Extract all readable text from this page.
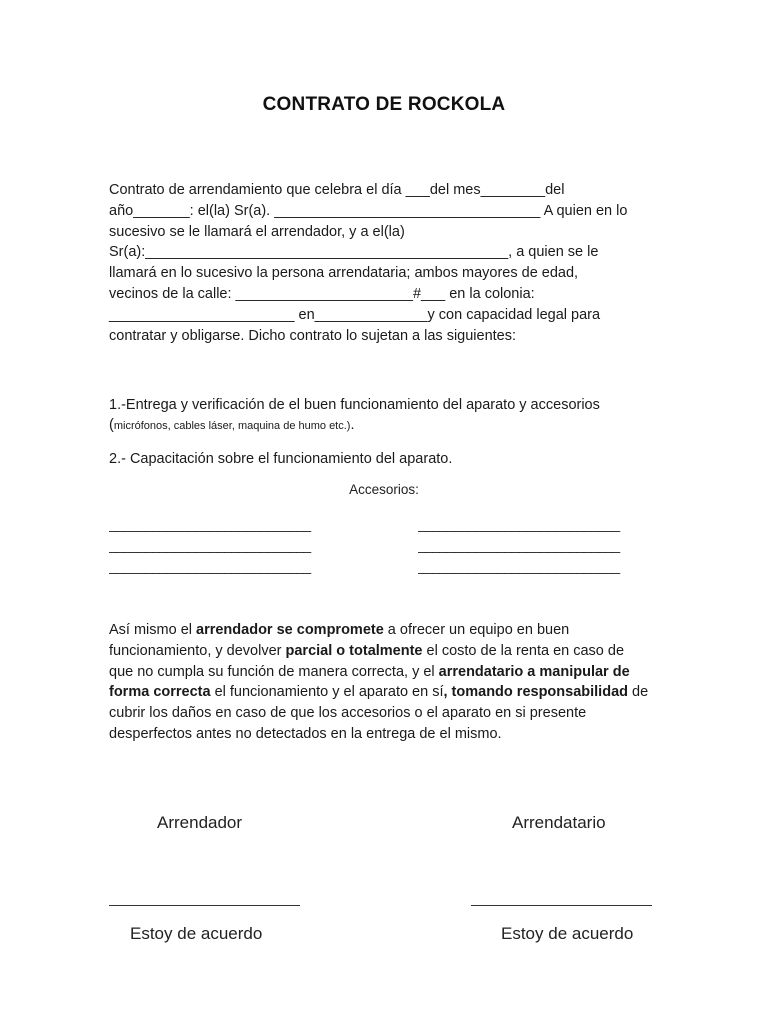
CONTRATO DE ROCKOLA

Contrato de arrendamiento que celebra el día ___del mes________del año_______: el(la) Sr(a). _________________________________ A quien en lo sucesivo se le llamará el arrendador, y a el(la) Sr(a):_____________________________________________, a quien se le llamará en lo sucesivo la persona arrendataria; ambos mayores de edad, vecinos de la calle: ______________________#___ en la colonia: _______________________ en______________y con capacidad legal para contratar y obligarse. Dicho contrato lo sujetan a las siguientes:

1.-Entrega y verificación de el buen funcionamiento del aparato y accesorios
(micrófonos, cables láser, maquina de humo etc.).

2.- Capacitación sobre el funcionamiento del aparato.

Accesorios:

____________________________
____________________________
____________________________
____________________________
____________________________
____________________________

Así mismo el arrendador se compromete a ofrecer un equipo en buen funcionamiento, y devolver parcial o totalmente el costo de la renta en caso de que no cumpla su función de manera correcta, y el arrendatario a manipular de forma correcta el funcionamiento y el aparato en sí, tomando responsabilidad de cubrir los daños en caso de que los accesorios o el aparato en si presente desperfectos antes no detectados en la entrega de el mismo.

Arrendador	Arrendatario
Estoy de acuerdo	Estoy de acuerdo
